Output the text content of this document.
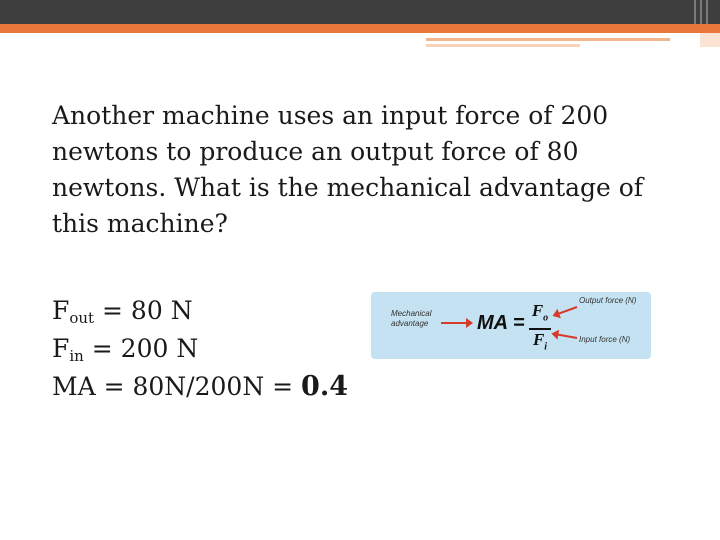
Another machine uses an input force of 200 newtons to produce an output force of 80 newtons. What is the mechanical advantage of this machine?

$F_{out} = 80$ N
$F_{in} = 200$ N
MA = 80N/200N = 0.4
Mechanical
advantage MA = $\frac{F_o}{F_i}$
Output force (N)
Input force (N)
